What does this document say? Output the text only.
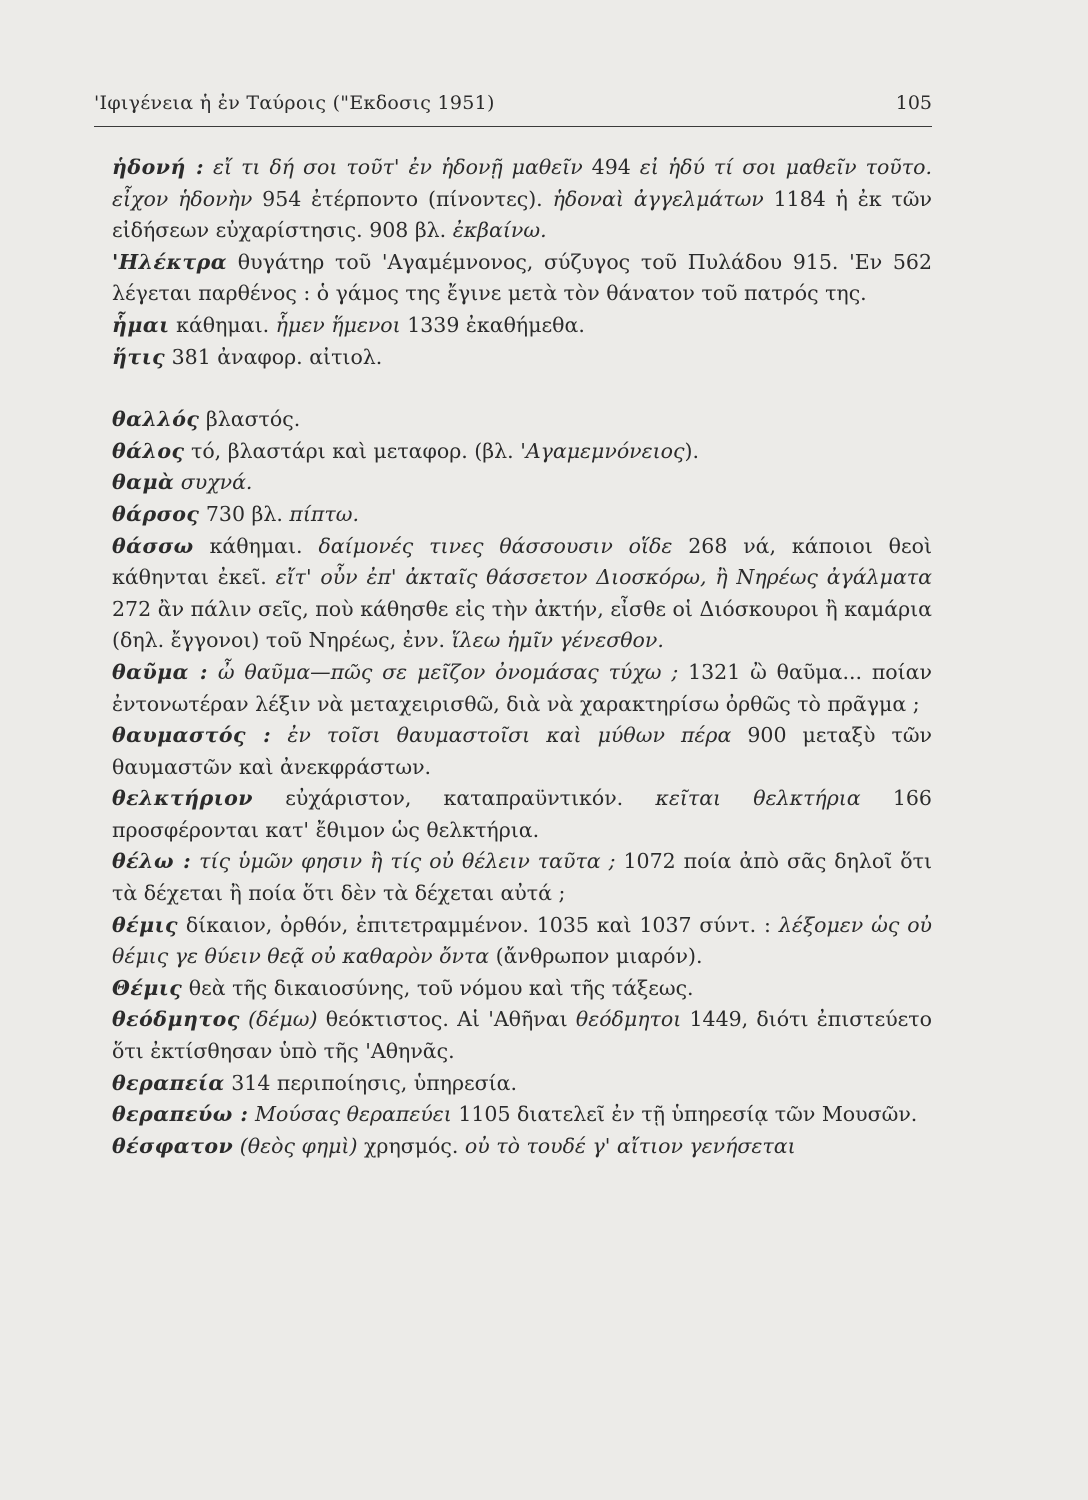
'Ιφιγένεια ἡ ἐν Ταύροις ("Εκδοσις 1951)	105

ἡδονή : εἴ τι δή σοι τοῦτ' ἐν ἡδονῇ μαθεῖν 494 εἰ ἡδύ τί σοι μαθεῖν τοῦτο. εἶχον ἡδονὴν 954 ἐτέρποντο (πίνοντες). ἡδοναὶ ἀγγελμάτων 1184 ἡ ἐκ τῶν εἰδήσεων εὐχαρίστησις. 908 βλ. ἐκβαίνω.

'Ηλέκτρα θυγάτηρ τοῦ 'Αγαμέμνονος, σύζυγος τοῦ Πυλάδου 915. 'Εν 562 λέγεται παρθένος : ὁ γάμος της ἔγινε μετὰ τὸν θάνατον τοῦ πατρός της.

ἧμαι κάθημαι. ἧμεν ἥμενοι 1339 ἐκαθήμεθα.

ἥτις 381 ἀναφορ. αἰτιολ.

θαλλός βλαστός.

θάλος τό, βλαστάρι καὶ μεταφορ. (βλ. 'Αγαμεμνόνειος).

θαμὰ συχνά.

θάρσος 730 βλ. πίπτω.

θάσσω κάθημαι. δαίμονές τινες θάσσουσιν οἵδε 268 νά, κάποιοι θεοὶ κάθηνται ἐκεῖ. εἴτ' οὖν ἐπ' ἀκταῖς θάσσετον Διοσκόρω, ἢ Νηρέως ἀγάλματα 272 ἂν πάλιν σεῖς, ποὺ κάθησθε εἰς τὴν ἀκτήν, εἶσθε οἱ Διόσκουροι ἢ καμάρια (δηλ. ἔγγονοι) τοῦ Νηρέως, ἐνν. ἵλεω ἡμῖν γένεσθον.

θαῦμα : ὦ θαῦμα—πῶς σε μεῖζον ὀνομάσας τύχω ; 1321 ὢ θαῦμα... ποίαν ἐντονωτέραν λέξιν νὰ μεταχειρισθῶ, διὰ νὰ χαρακτηρίσω ὀρθῶς τὸ πρᾶγμα ;

θαυμαστός : ἐν τοῖσι θαυμαστοῖσι καὶ μύθων πέρα 900 μεταξὺ τῶν θαυμαστῶν καὶ ἀνεκφράστων.

θελκτήριον εὐχάριστον, καταπραϋντικόν. κεῖται θελκτήρια 166 προσφέρονται κατ' ἔθιμον ὡς θελκτήρια.

θέλω : τίς ὑμῶν φησιν ἢ τίς οὐ θέλειν ταῦτα ; 1072 ποία ἀπὸ σᾶς δηλοῖ ὅτι τὰ δέχεται ἢ ποία ὅτι δὲν τὰ δέχεται αὐτά ;

θέμις δίκαιον, ὀρθόν, ἐπιτετραμμένον. 1035 καὶ 1037 σύντ. : λέξομεν ὡς οὐ θέμις γε θύειν θεᾷ οὐ καθαρὸν ὄντα (ἄνθρωπον μιαρόν).

Θέμις θεὰ τῆς δικαιοσύνης, τοῦ νόμου καὶ τῆς τάξεως.

θεόδμητος (δέμω) θεόκτιστος. Αἱ 'Αθῆναι θεόδμητοι 1449, διότι ἐπιστεύετο ὅτι ἐκτίσθησαν ὑπὸ τῆς 'Αθηνᾶς.

θεραπεία 314 περιποίησις, ὑπηρεσία.

θεραπεύω : Μούσας θεραπεύει 1105 διατελεῖ ἐν τῇ ὑπηρεσίᾳ τῶν Μουσῶν.

θέσφατον (θεὸς φημὶ) χρησμός. οὐ τὸ τουδέ γ' αἴτιον γενήσεται
